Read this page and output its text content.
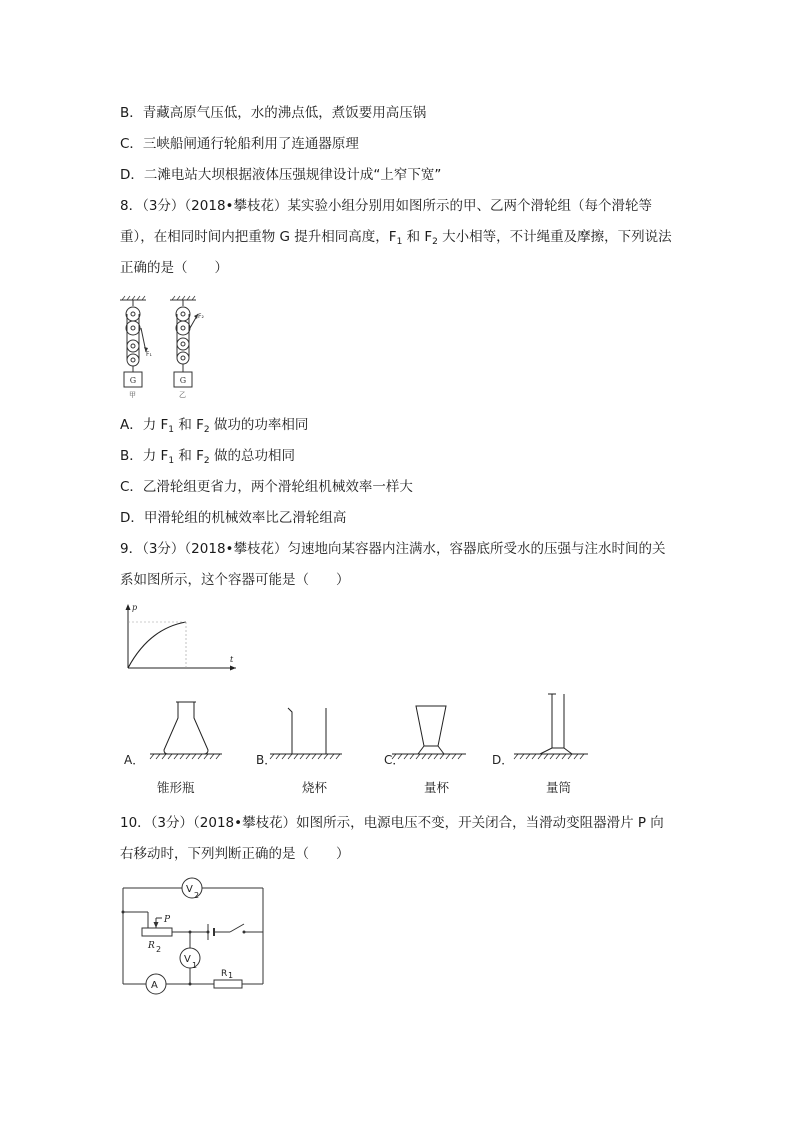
B．青藏高原气压低，水的沸点低，煮饭要用高压锅
C．三峡船闸通行轮船利用了连通器原理
D．二滩电站大坝根据液体压强规律设计成“上窄下宽”
8．（3分）（2018•攀枝花）某实验小组分别用如图所示的甲、乙两个滑轮组（每个滑轮等
重），在相同时间内把重物 G 提升相同高度，$F_1$ 和 $F_2$ 大小相等，不计绳重及摩擦，下列说法
正确的是（　　）
G	G
F₁
F₂
甲	乙
A．力 $F_1$ 和 $F_2$ 做功的功率相同
B．力 $F_1$ 和 $F_2$ 做的总功相同
C．乙滑轮组更省力，两个滑轮组机械效率一样大
D．甲滑轮组的机械效率比乙滑轮组高
9．（3分）（2018•攀枝花）匀速地向某容器内注满水，容器底所受水的压强与注水时间的关
系如图所示，这个容器可能是（　　）
p
t
A．	B．	C．	D．
锥形瓶	烧杯	量杯	量筒
10．（3分）（2018•攀枝花）如图所示，电源电压不变，开关闭合，当滑动变阻器滑片 P 向
右移动时，下列判断正确的是（　　）
V
2
V
1
A
P
R 2
R 1
